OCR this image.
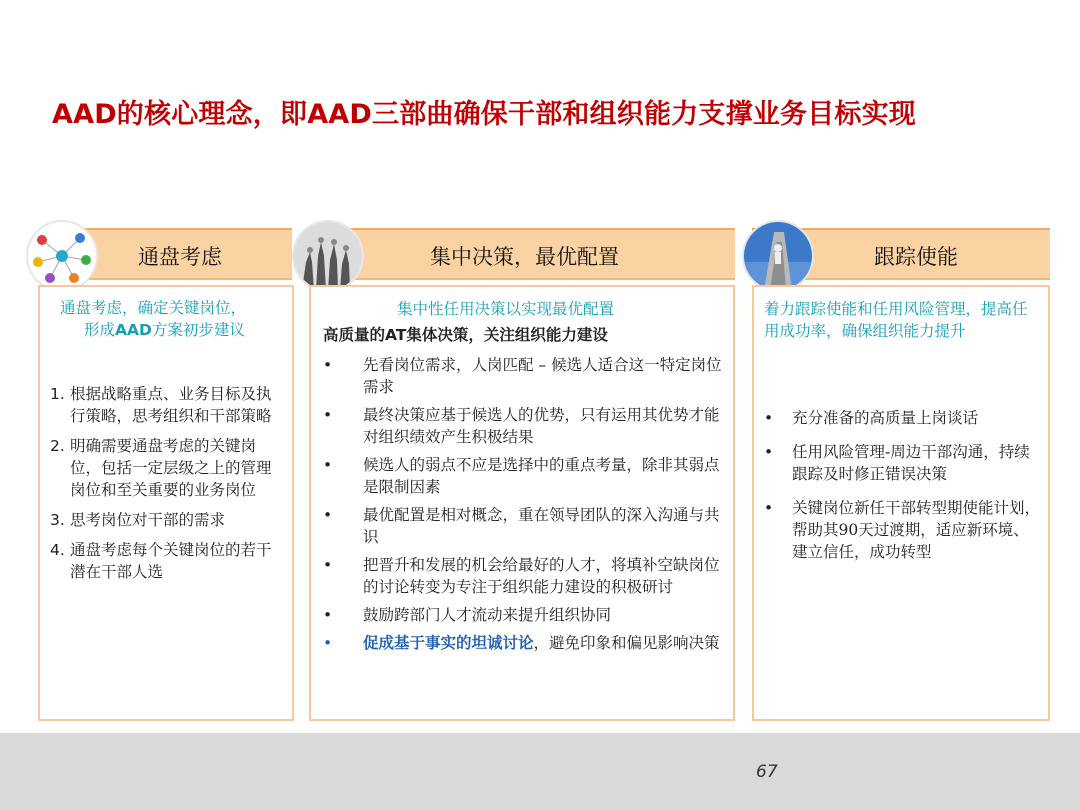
AAD的核心理念，即AAD三部曲确保干部和组织能力支撑业务目标实现
通盘考虑
通盘考虑，确定关键岗位，
形成AAD方案初步建议
1. 根据战略重点、业务目标及执行策略，思考组织和干部策略
2. 明确需要通盘考虑的关键岗位，包括一定层级之上的管理岗位和至关重要的业务岗位
3. 思考岗位对干部的需求
4. 通盘考虑每个关键岗位的若干潜在干部人选
集中决策，最优配置
集中性任用决策以实现最优配置
高质量的AT集体决策，关注组织能力建设
• 先看岗位需求，人岗匹配 – 候选人适合这一特定岗位需求
• 最终决策应基于候选人的优势，只有运用其优势才能对组织绩效产生积极结果
• 候选人的弱点不应是选择中的重点考量，除非其弱点是限制因素
• 最优配置是相对概念，重在领导团队的深入沟通与共识
• 把晋升和发展的机会给最好的人才，将填补空缺岗位的讨论转变为专注于组织能力建设的积极研讨
• 鼓励跨部门人才流动来提升组织协同
• 促成基于事实的坦诚讨论，避免印象和偏见影响决策
跟踪使能
着力跟踪使能和任用风险管理，提高任用成功率，确保组织能力提升
• 充分准备的高质量上岗谈话
• 任用风险管理-周边干部沟通，持续跟踪及时修正错误决策
• 关键岗位新任干部转型期使能计划，帮助其90天过渡期，适应新环境、建立信任，成功转型
67
